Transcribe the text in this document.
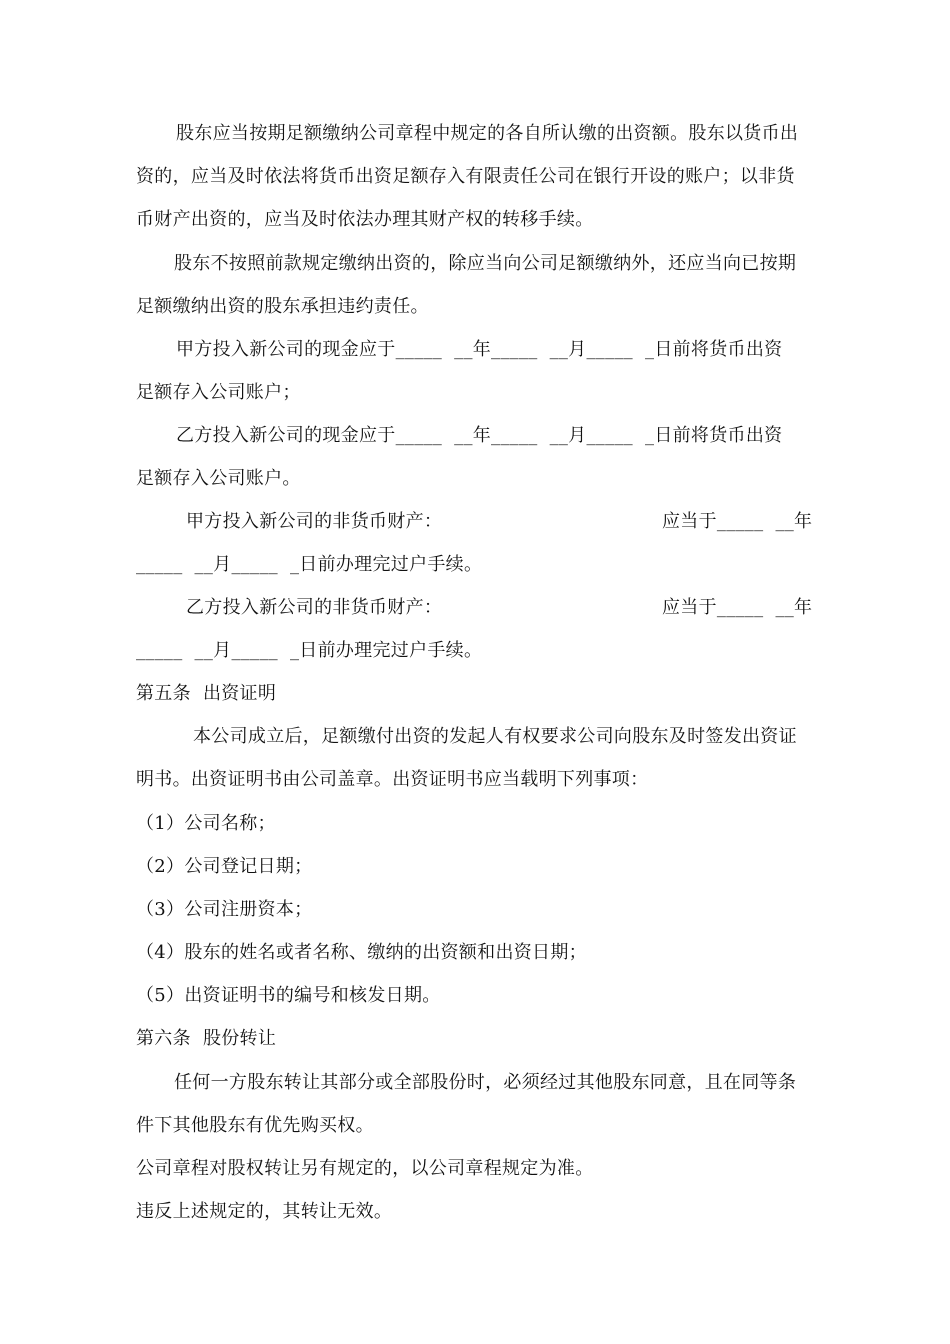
股东应当按期足额缴纳公司章程中规定的各自所认缴的出资额。股东以货币出
资的，应当及时依法将货币出资足额存入有限责任公司在银行开设的账户；以非货
币财产出资的，应当及时依法办理其财产权的转移手续。
股东不按照前款规定缴纳出资的，除应当向公司足额缴纳外，还应当向已按期
足额缴纳出资的股东承担违约责任。
甲方投入新公司的现金应于_____  __年_____  __月_____  _日前将货币出资
足额存入公司账户；
乙方投入新公司的现金应于_____  __年_____  __月_____  _日前将货币出资
足额存入公司账户。
甲方投入新公司的非货币财产：	应当于_____  __年
_____  __月_____  _日前办理完过户手续。
乙方投入新公司的非货币财产：	应当于_____  __年
_____  __月_____  _日前办理完过户手续。
第五条  出资证明
本公司成立后，足额缴付出资的发起人有权要求公司向股东及时签发出资证
明书。出资证明书由公司盖章。出资证明书应当载明下列事项：
（1）公司名称；
（2）公司登记日期；
（3）公司注册资本；
（4）股东的姓名或者名称、缴纳的出资额和出资日期；
（5）出资证明书的编号和核发日期。
第六条  股份转让
任何一方股东转让其部分或全部股份时，必须经过其他股东同意，且在同等条
件下其他股东有优先购买权。
公司章程对股权转让另有规定的，以公司章程规定为准。
违反上述规定的，其转让无效。
